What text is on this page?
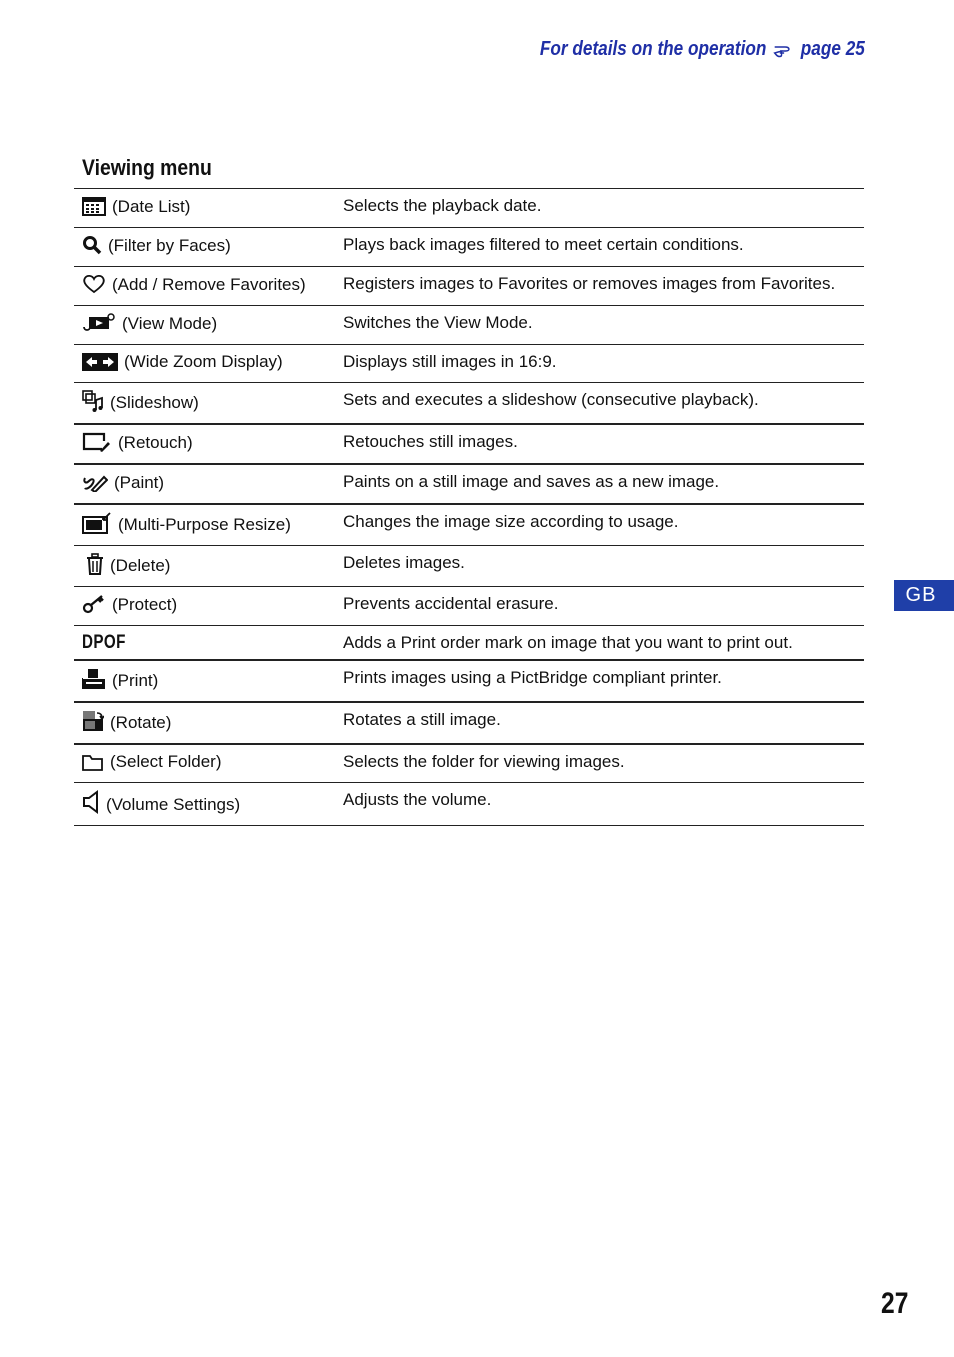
For details on the operation page 25
Viewing menu
(Date List)	Selects the playback date.
(Filter by Faces)	Plays back images filtered to meet certain conditions.
(Add / Remove Favorites)	Registers images to Favorites or removes images from Favorites.
(View Mode)	Switches the View Mode.
(Wide Zoom Display)	Displays still images in 16:9.
(Slideshow)	Sets and executes a slideshow (consecutive playback).
(Retouch)	Retouches still images.
(Paint)	Paints on a still image and saves as a new image.
(Multi-Purpose Resize)	Changes the image size according to usage.
(Delete)	Deletes images.
(Protect)	Prevents accidental erasure.
DPOF	Adds a Print order mark on image that you want to print out.
(Print)	Prints images using a PictBridge compliant printer.
(Rotate)	Rotates a still image.
(Select Folder)	Selects the folder for viewing images.
(Volume Settings)	Adjusts the volume.
GB
27
